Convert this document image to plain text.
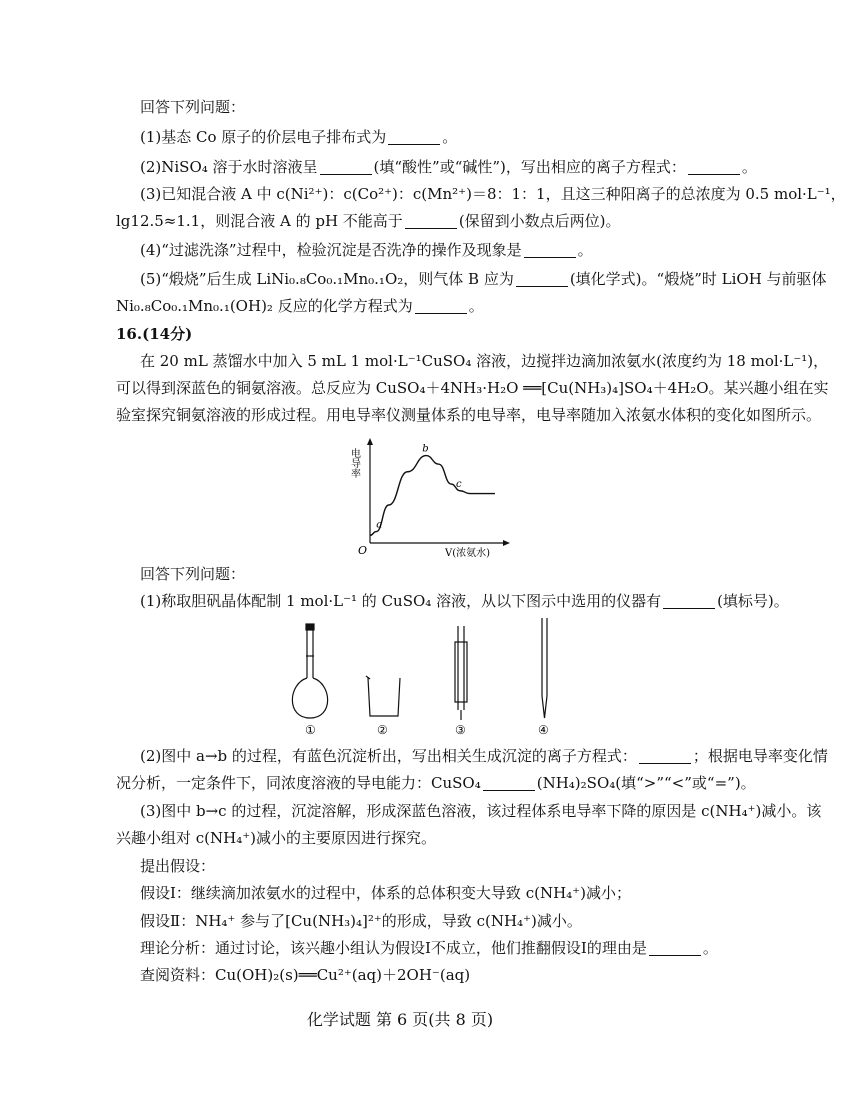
回答下列问题：
(1)基态 Co 原子的价层电子排布式为	。
(2)NiSO₄ 溶于水时溶液呈	(填“酸性”或“碱性”)，写出相应的离子方程式：	。
(3)已知混合液 A 中 c(Ni²⁺)：c(Co²⁺)：c(Mn²⁺)＝8：1：1，且这三种阳离子的总浓度为 0.5 mol·L⁻¹，
lg12.5≈1.1，则混合液 A 的 pH 不能高于	(保留到小数点后两位)。
(4)“过滤洗涤”过程中，检验沉淀是否洗净的操作及现象是	。
(5)“煅烧”后生成 LiNi₀.₈Co₀.₁Mn₀.₁O₂，则气体 B 应为	(填化学式)。“煅烧”时 LiOH 与前驱体
Ni₀.₈Co₀.₁Mn₀.₁(OH)₂ 反应的化学方程式为	。
16.(14分)
在 20 mL 蒸馏水中加入 5 mL 1 mol·L⁻¹CuSO₄ 溶液，边搅拌边滴加浓氨水(浓度约为 18 mol·L⁻¹)，
可以得到深蓝色的铜氨溶液。总反应为 CuSO₄＋4NH₃·H₂O ══[Cu(NH₃)₄]SO₄＋4H₂O。某兴趣小组在实
验室探究铜氨溶液的形成过程。用电导率仪测量体系的电导率，电导率随加入浓氨水体积的变化如图所示。
电导率
O	V(浓氨水)
a
b
c
回答下列问题：
(1)称取胆矾晶体配制 1 mol·L⁻¹ 的 CuSO₄ 溶液，从以下图示中选用的仪器有	(填标号)。
①	②	③	④
(2)图中 a→b 的过程，有蓝色沉淀析出，写出相关生成沉淀的离子方程式：	；根据电导率变化情
况分析，一定条件下，同浓度溶液的导电能力：CuSO₄	(NH₄)₂SO₄(填“>”“<”或“=”)。
(3)图中 b→c 的过程，沉淀溶解，形成深蓝色溶液，该过程体系电导率下降的原因是 c(NH₄⁺)减小。该
兴趣小组对 c(NH₄⁺)减小的主要原因进行探究。
提出假设：
假设Ⅰ：继续滴加浓氨水的过程中，体系的总体积变大导致 c(NH₄⁺)减小；
假设Ⅱ：NH₄⁺ 参与了[Cu(NH₃)₄]²⁺的形成，导致 c(NH₄⁺)减小。
理论分析：通过讨论，该兴趣小组认为假设Ⅰ不成立，他们推翻假设Ⅰ的理由是	。
查阅资料：Cu(OH)₂(s)══Cu²⁺(aq)＋2OH⁻(aq)
化学试题 第 6 页(共 8 页)
